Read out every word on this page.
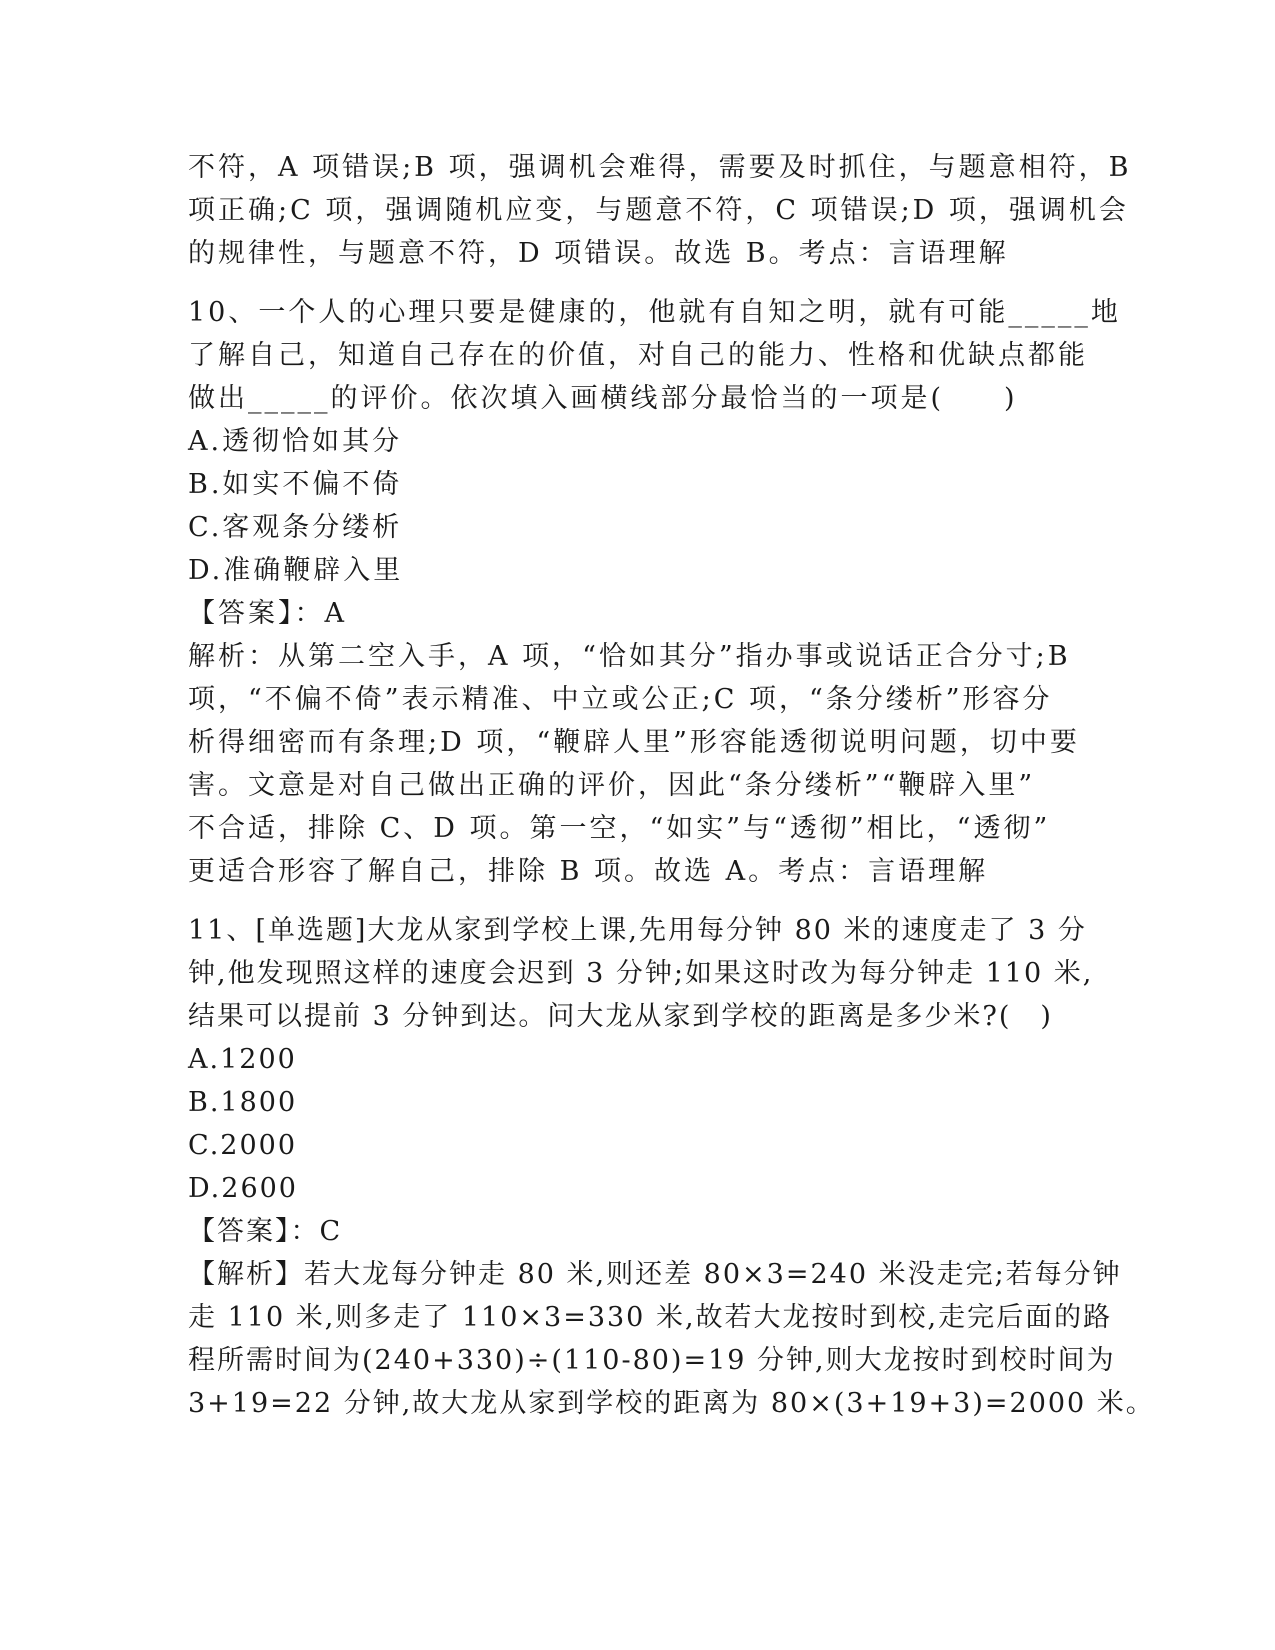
不符，A 项错误;B 项，强调机会难得，需要及时抓住，与题意相符，B
项正确;C 项，强调随机应变，与题意不符，C 项错误;D 项，强调机会
的规律性，与题意不符，D 项错误。故选 B。考点：言语理解
10、一个人的心理只要是健康的，他就有自知之明，就有可能_____地
了解自己，知道自己存在的价值，对自己的能力、性格和优缺点都能
做出_____的评价。依次填入画横线部分最恰当的一项是(　　)
A.透彻恰如其分
B.如实不偏不倚
C.客观条分缕析
D.准确鞭辟入里
【答案】：A
解析：从第二空入手，A 项，“恰如其分”指办事或说话正合分寸;B
项，“不偏不倚”表示精准、中立或公正;C 项，“条分缕析”形容分
析得细密而有条理;D 项，“鞭辟人里”形容能透彻说明问题，切中要
害。文意是对自己做出正确的评价，因此“条分缕析”“鞭辟入里”
不合适，排除 C、D 项。第一空，“如实”与“透彻”相比，“透彻”
更适合形容了解自己，排除 B 项。故选 A。考点：言语理解
11、[单选题]大龙从家到学校上课,先用每分钟 80 米的速度走了 3 分
钟,他发现照这样的速度会迟到 3 分钟;如果这时改为每分钟走 110 米,
结果可以提前 3 分钟到达。问大龙从家到学校的距离是多少米?(　)
A.1200
B.1800
C.2000
D.2600
【答案】：C
【解析】若大龙每分钟走 80 米,则还差 80×3=240 米没走完;若每分钟
走 110 米,则多走了 110×3=330 米,故若大龙按时到校,走完后面的路
程所需时间为(240+330)÷(110-80)=19 分钟,则大龙按时到校时间为
3+19=22 分钟,故大龙从家到学校的距离为 80×(3+19+3)=2000 米。
